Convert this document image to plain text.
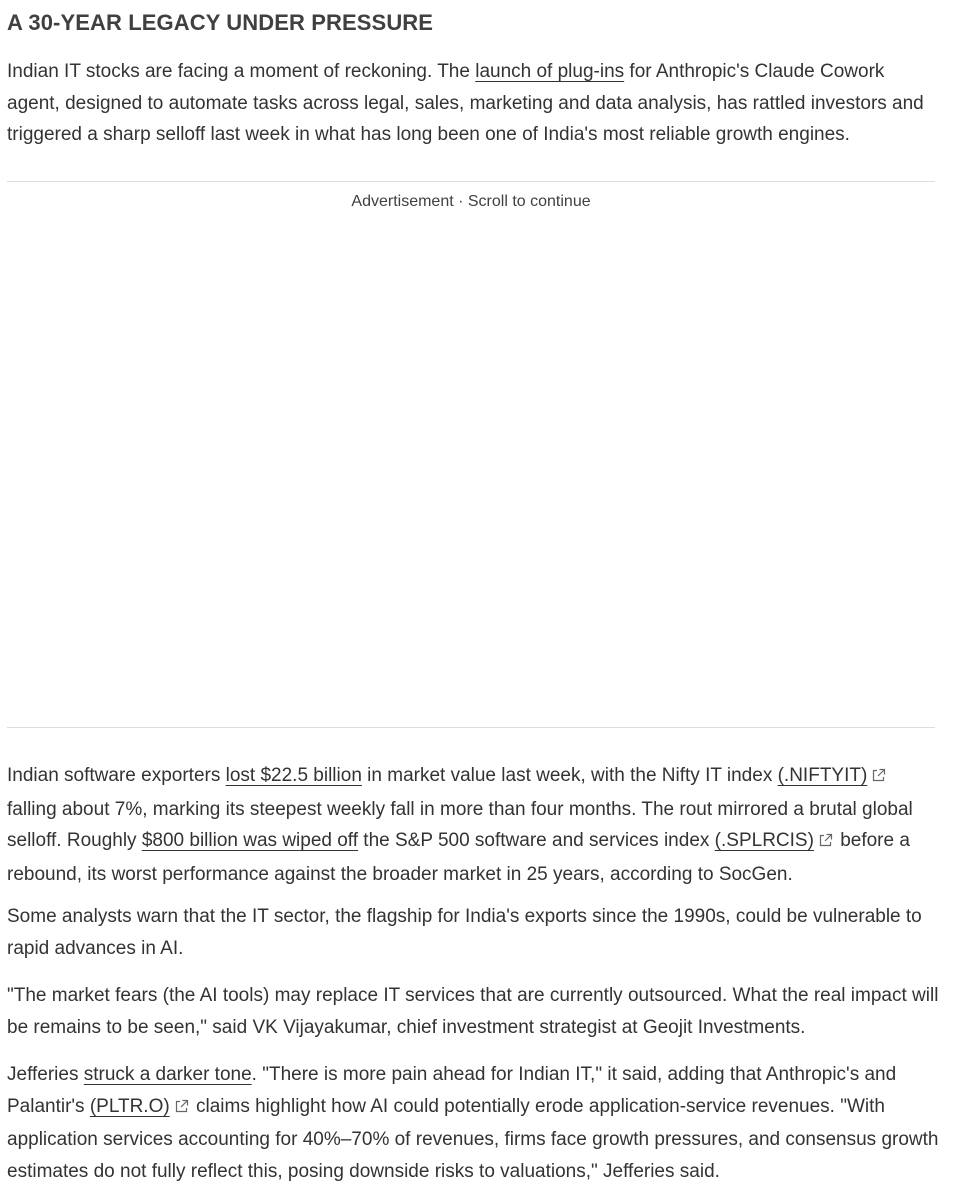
A 30-YEAR LEGACY UNDER PRESSURE

Indian IT stocks are facing a moment of reckoning. The launch of plug-ins for Anthropic's Claude Cowork agent, designed to automate tasks across legal, sales, marketing and data analysis, has rattled investors and triggered a sharp selloff last week in what has long been one of India's most reliable growth engines.

Advertisement · Scroll to continue

Indian software exporters lost $22.5 billion in market value last week, with the Nifty IT index (.NIFTYIT) falling about 7%, marking its steepest weekly fall in more than four months. The rout mirrored a brutal global selloff. Roughly $800 billion was wiped off the S&P 500 software and services index (.SPLRCIS) before a rebound, its worst performance against the broader market in 25 years, according to SocGen.

Some analysts warn that the IT sector, the flagship for India's exports since the 1990s, could be vulnerable to rapid advances in AI.

"The market fears (the AI tools) may replace IT services that are currently outsourced. What the real impact will be remains to be seen," said VK Vijayakumar, chief investment strategist at Geojit Investments.

Jefferies struck a darker tone. "There is more pain ahead for Indian IT," it said, adding that Anthropic's and Palantir's (PLTR.O) claims highlight how AI could potentially erode application-service revenues. "With application services accounting for 40%–70% of revenues, firms face growth pressures, and consensus growth estimates do not fully reflect this, posing downside risks to valuations," Jefferies said.
